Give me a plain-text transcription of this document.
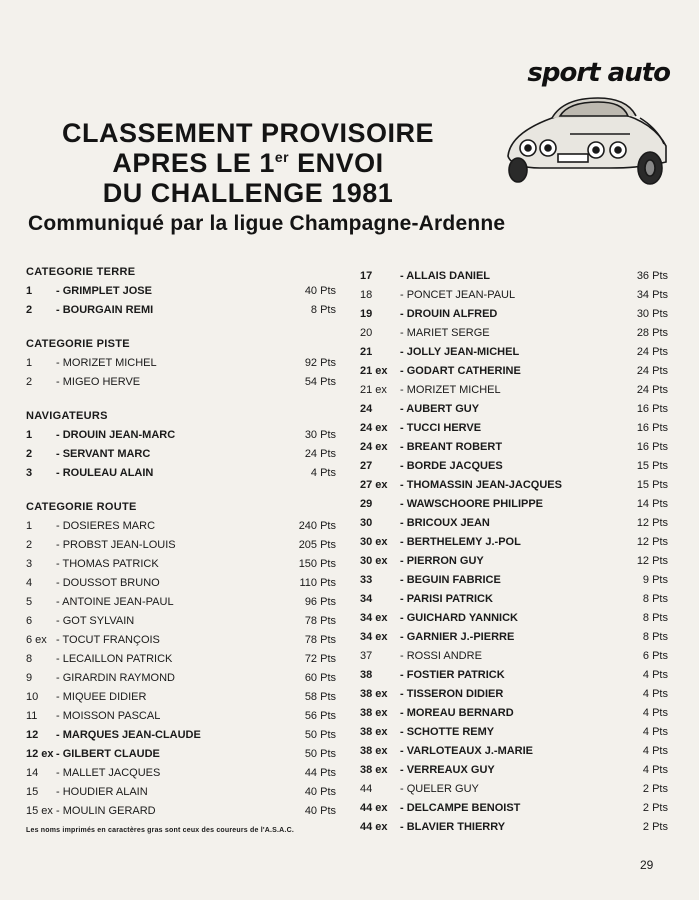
sport auto
CLASSEMENT PROVISOIRE
APRES LE 1er ENVOI
DU CHALLENGE 1981
Communiqué par la ligue Champagne-Ardenne
CATEGORIE TERRE
1	- GRIMPLET JOSE	40 Pts
2	- BOURGAIN REMI	8 Pts
CATEGORIE PISTE
1	- MORIZET MICHEL	92 Pts
2	- MIGEO HERVE	54 Pts
NAVIGATEURS
1	- DROUIN JEAN-MARC	30 Pts
2	- SERVANT MARC	24 Pts
3	- ROULEAU ALAIN	4 Pts
CATEGORIE ROUTE
1	- DOSIERES MARC	240 Pts
2	- PROBST JEAN-LOUIS	205 Pts
3	- THOMAS PATRICK	150 Pts
4	- DOUSSOT BRUNO	110 Pts
5	- ANTOINE JEAN-PAUL	96 Pts
6	- GOT SYLVAIN	78 Pts
6 ex - TOCUT FRANÇOIS	78 Pts
8	- LECAILLON PATRICK	72 Pts
9	- GIRARDIN RAYMOND	60 Pts
10	- MIQUEE DIDIER	58 Pts
11	- MOISSON PASCAL	56 Pts
12	- MARQUES JEAN-CLAUDE	50 Pts
12 ex - GILBERT CLAUDE	50 Pts
14	- MALLET JACQUES	44 Pts
15	- HOUDIER ALAIN	40 Pts
15 ex - MOULIN GERARD	40 Pts
Les noms imprimés en caractères gras sont ceux des coureurs de l'A.S.A.C.
17	- ALLAIS DANIEL	36 Pts
18	- PONCET JEAN-PAUL	34 Pts
19	- DROUIN ALFRED	30 Pts
20	- MARIET SERGE	28 Pts
21	- JOLLY JEAN-MICHEL	24 Pts
21 ex	- GODART CATHERINE	24 Pts
21 ex	- MORIZET MICHEL	24 Pts
24	- AUBERT GUY	16 Pts
24 ex	- TUCCI HERVE	16 Pts
24 ex	- BREANT ROBERT	16 Pts
27	- BORDE JACQUES	15 Pts
27 ex	- THOMASSIN JEAN-JACQUES	15 Pts
29	- WAWSCHOORE PHILIPPE	14 Pts
30	- BRICOUX JEAN	12 Pts
30 ex	- BERTHELEMY J.-POL	12 Pts
30 ex	- PIERRON GUY	12 Pts
33	- BEGUIN FABRICE	9 Pts
34	- PARISI PATRICK	8 Pts
34 ex	- GUICHARD YANNICK	8 Pts
34 ex	- GARNIER J.-PIERRE	8 Pts
37	- ROSSI ANDRE	6 Pts
38	- FOSTIER PATRICK	4 Pts
38 ex	- TISSERON DIDIER	4 Pts
38 ex	- MOREAU BERNARD	4 Pts
38 ex	- SCHOTTE REMY	4 Pts
38 ex	- VARLOTEAUX J.-MARIE	4 Pts
38 ex	- VERREAUX GUY	4 Pts
44	- QUELER GUY	2 Pts
44 ex	- DELCAMPE BENOIST	2 Pts
44 ex	- BLAVIER THIERRY	2 Pts
29
